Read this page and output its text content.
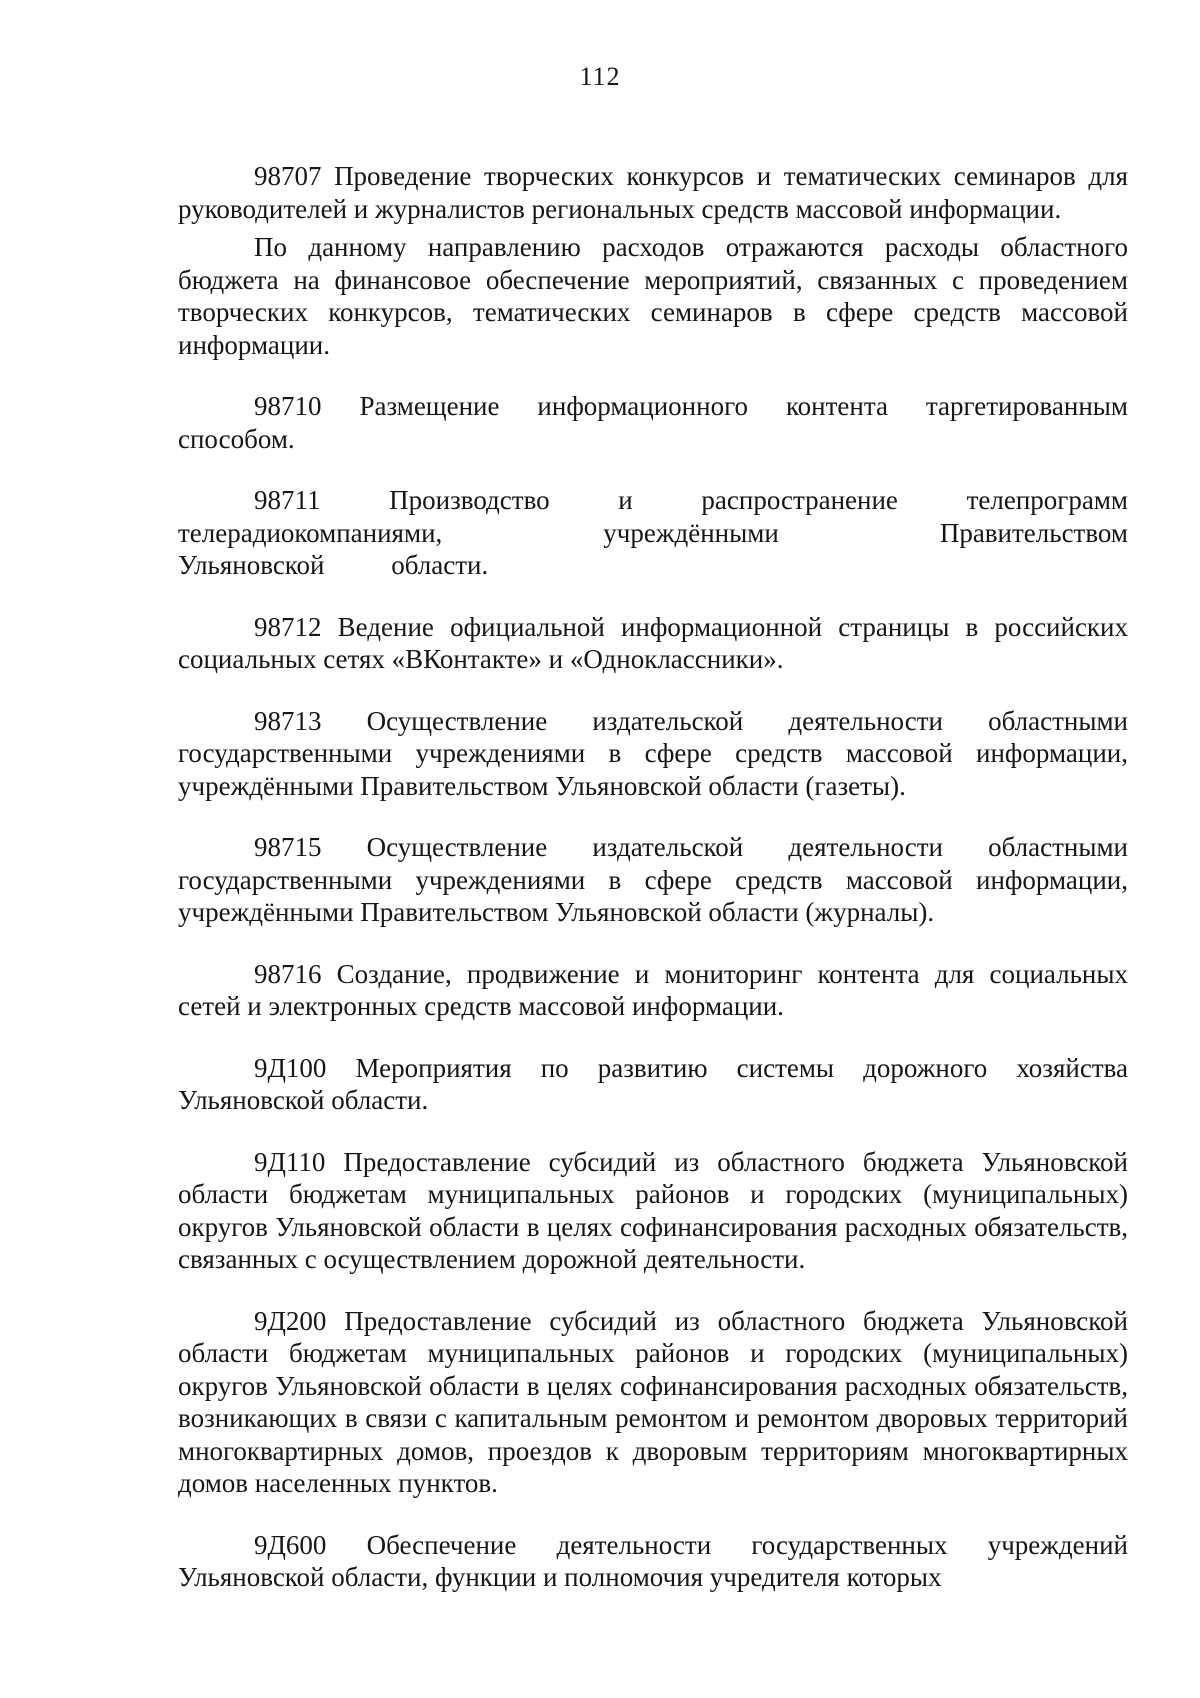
112

98707 Проведение творческих конкурсов и тематических семинаров для руководителей и журналистов региональных средств массовой информации.

По данному направлению расходов отражаются расходы областного бюджета на финансовое обеспечение мероприятий, связанных с проведением творческих конкурсов, тематических семинаров в сфере средств массовой информации.

98710 Размещение информационного контента таргетированным способом.

98711 Производство и распространение телепрограмм телерадиокомпаниями, учреждёнными Правительством Ульяновской области.

98712 Ведение официальной информационной страницы в российских социальных сетях «ВКонтакте» и «Одноклассники».

98713 Осуществление издательской деятельности областными государственными учреждениями в сфере средств массовой информации, учреждёнными Правительством Ульяновской области (газеты).

98715 Осуществление издательской деятельности областными государственными учреждениями в сфере средств массовой информации, учреждёнными Правительством Ульяновской области (журналы).

98716 Создание, продвижение и мониторинг контента для социальных сетей и электронных средств массовой информации.

9Д100 Мероприятия по развитию системы дорожного хозяйства Ульяновской области.

9Д110 Предоставление субсидий из областного бюджета Ульяновской области бюджетам муниципальных районов и городских (муниципальных) округов Ульяновской области в целях софинансирования расходных обязательств, связанных с осуществлением дорожной деятельности.

9Д200 Предоставление субсидий из областного бюджета Ульяновской области бюджетам муниципальных районов и городских (муниципальных) округов Ульяновской области в целях софинансирования расходных обязательств, возникающих в связи с капитальным ремонтом и ремонтом дворовых территорий многоквартирных домов, проездов к дворовым территориям многоквартирных домов населенных пунктов.

9Д600 Обеспечение деятельности государственных учреждений Ульяновской области, функции и полномочия учредителя которых
